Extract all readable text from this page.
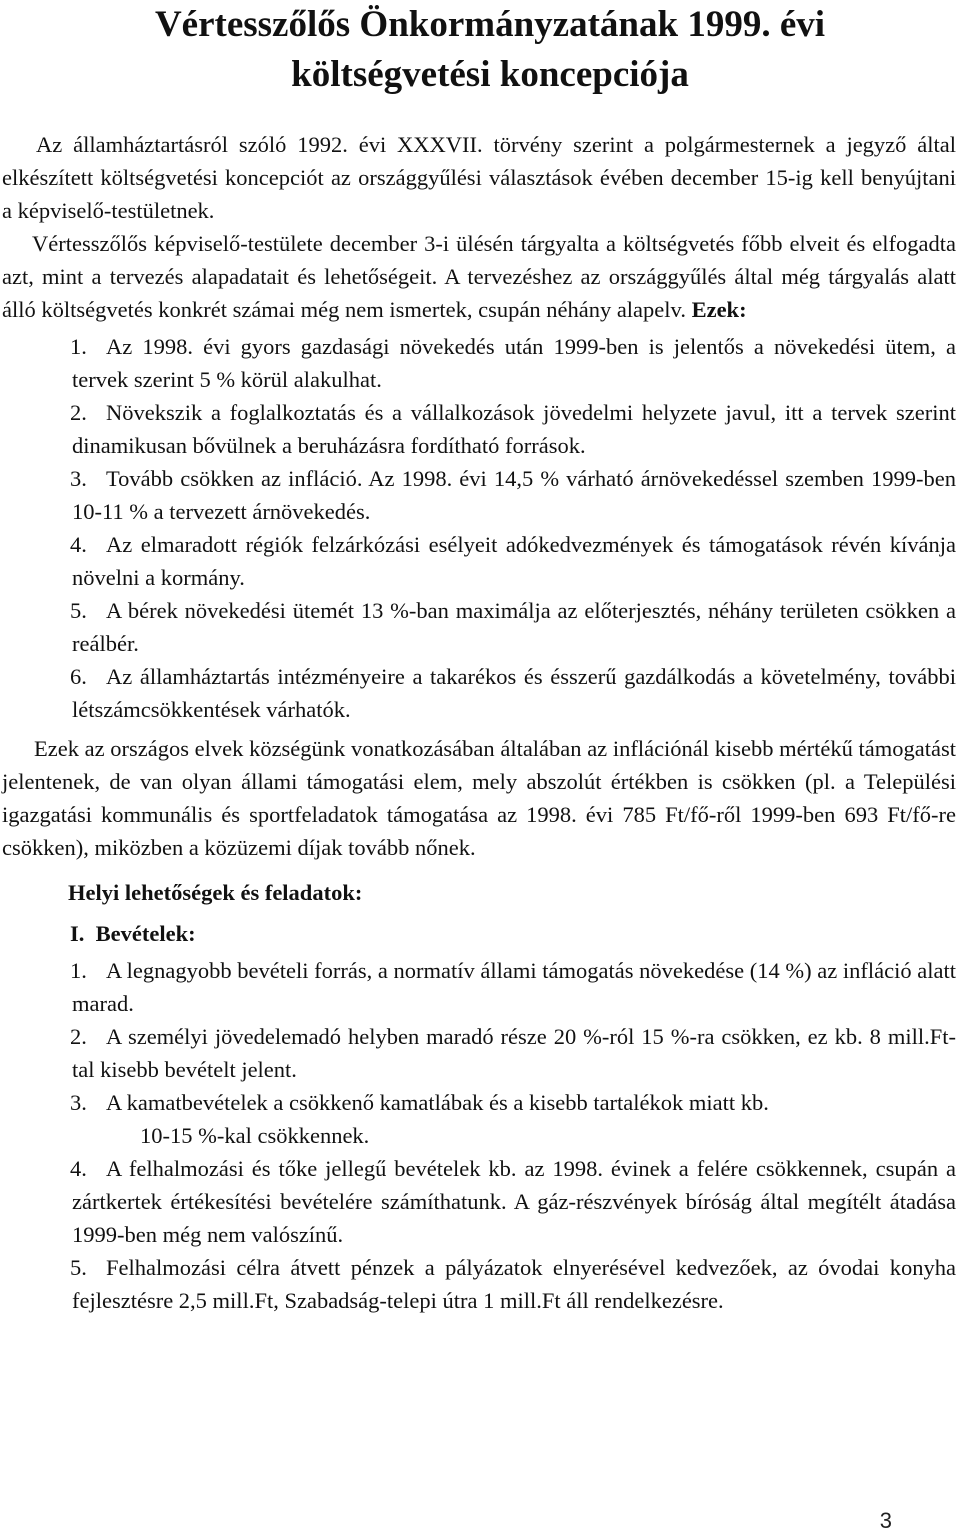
Vértesszőlős Önkormányzatának 1999. évi költségvetési koncepciója

Az államháztartásról szóló 1992. évi XXXVII. törvény szerint a polgármesternek a jegyző által elkészített költségvetési koncepciót az országgyűlési választások évében december 15-ig kell benyújtani a képviselő-testületnek.

Vértesszőlős képviselő-testülete december 3-i ülésén tárgyalta a költségvetés főbb elveit és elfogadta azt, mint a tervezés alapadatait és lehetőségeit. A tervezéshez az országgyűlés által még tárgyalás alatt álló költségvetés konkrét számai még nem ismertek, csupán néhány alapelv. Ezek:

1. Az 1998. évi gyors gazdasági növekedés után 1999-ben is jelentős a növekedési ütem, a tervek szerint 5 % körül alakulhat.
2. Növekszik a foglalkoztatás és a vállalkozások jövedelmi helyzete javul, itt a tervek szerint dinamikusan bővülnek a beruházásra fordítható források.
3. Tovább csökken az infláció. Az 1998. évi 14,5 % várható árnövekedéssel szemben 1999-ben 10-11 % a tervezett árnövekedés.
4. Az elmaradott régiók felzárkózási esélyeit adókedvezmények és támogatások révén kívánja növelni a kormány.
5. A bérek növekedési ütemét 13 %-ban maximálja az előterjesztés, néhány területen csökken a reálbér.
6. Az államháztartás intézményeire a takarékos és ésszerű gazdálkodás a követelmény, további létszámcsökkentések várhatók.

Ezek az országos elvek községünk vonatkozásában általában az inflációnál kisebb mértékű támogatást jelentenek, de van olyan állami támogatási elem, mely abszolút értékben is csökken (pl. a Települési igazgatási kommunális és sportfeladatok támogatása az 1998. évi 785 Ft/fő-ről 1999-ben 693 Ft/fő-re csökken), miközben a közüzemi díjak tovább nőnek.

Helyi lehetőségek és feladatok:
I. Bevételek:
1. A legnagyobb bevételi forrás, a normatív állami támogatás növekedése (14 %) az infláció alatt marad.
2. A személyi jövedelemadó helyben maradó része 20 %-ról 15 %-ra csökken, ez kb. 8 mill.Ft-tal kisebb bevételt jelent.
3. A kamatbevételek a csökkenő kamatlábak és a kisebb tartalékok miatt kb.
10-15 %-kal csökkennek.
4. A felhalmozási és tőke jellegű bevételek kb. az 1998. évinek a felére csökkennek, csupán a zártkertek értékesítési bevételére számíthatunk. A gáz-részvények bíróság által megítélt átadása 1999-ben még nem valószínű.
5. Felhalmozási célra átvett pénzek a pályázatok elnyerésével kedvezőek, az óvodai konyha fejlesztésre 2,5 mill.Ft, Szabadság-telepi útra 1 mill.Ft áll rendelkezésre.
3
